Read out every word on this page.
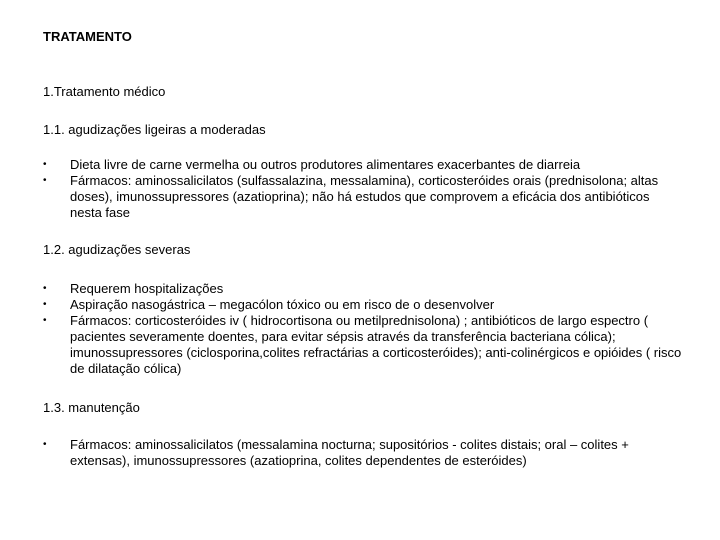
TRATAMENTO
1.Tratamento médico
1.1. agudizações ligeiras a moderadas
• Dieta livre de carne vermelha ou outros produtores alimentares exacerbantes de diarreia
• Fármacos: aminossalicilatos (sulfassalazina, messalamina), corticosteróides orais (prednisolona; altas doses), imunossupressores (azatioprina); não há estudos que comprovem a eficácia dos antibióticos nesta fase
1.2. agudizações severas
• Requerem hospitalizações
• Aspiração nasogástrica – megacólon tóxico ou em risco de o desenvolver
• Fármacos: corticosteróides iv ( hidrocortisona ou metilprednisolona) ; antibióticos de largo espectro ( pacientes severamente doentes, para evitar sépsis através da transferência bacteriana cólica); imunossupressores (ciclosporina,colites refractárias a corticosteróides); anti-colinérgicos e opióides ( risco de dilatação cólica)
1.3. manutenção
• Fármacos: aminossalicilatos (messalamina nocturna; supositórios - colites distais; oral – colites + extensas), imunossupressores (azatioprina, colites dependentes de esteróides)
